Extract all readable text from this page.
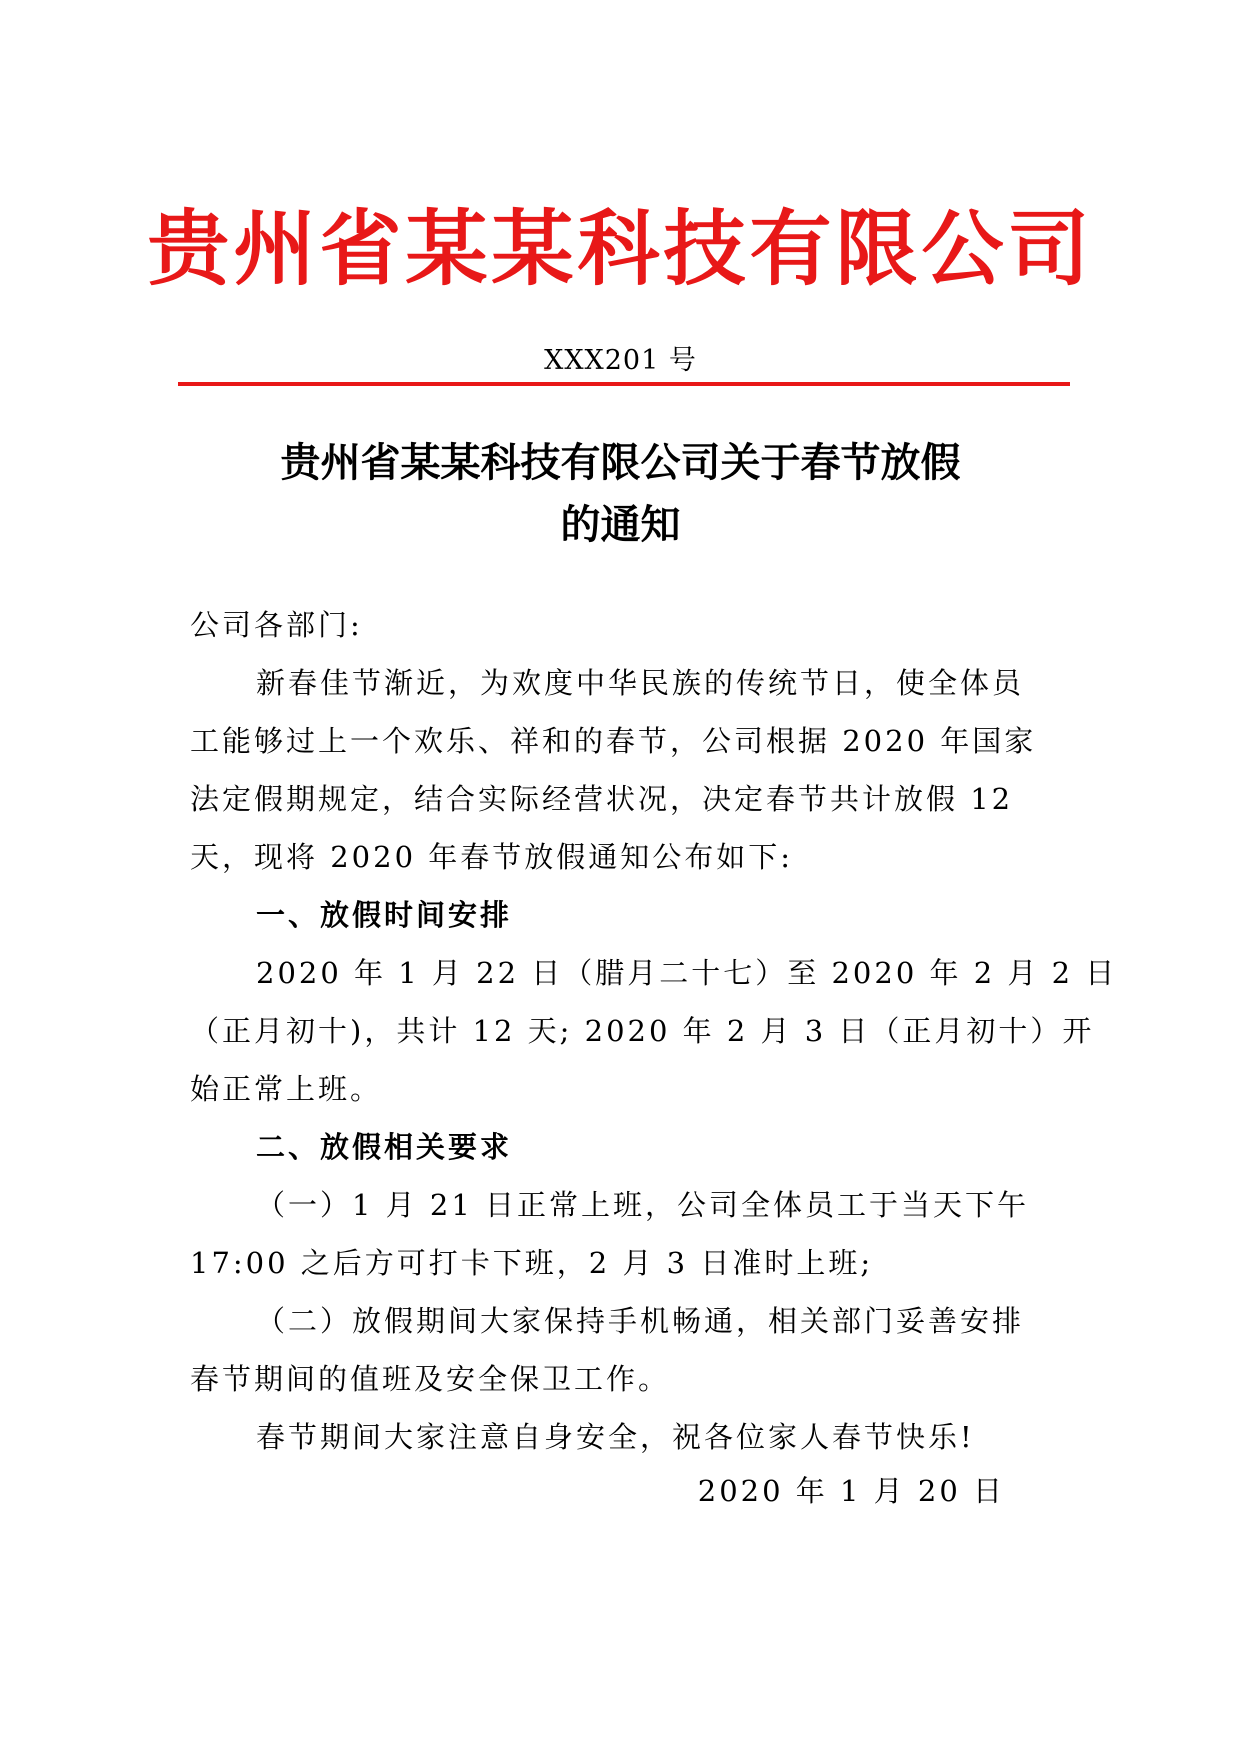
贵州省某某科技有限公司
XXX201 号
贵州省某某科技有限公司关于春节放假
的通知
公司各部门:
新春佳节渐近，为欢度中华民族的传统节日，使全体员
工能够过上一个欢乐、祥和的春节，公司根据 2020 年国家
法定假期规定，结合实际经营状况，决定春节共计放假 12
天，现将 2020 年春节放假通知公布如下:
一、放假时间安排
2020 年 1 月 22 日（腊月二十七）至 2020 年 2 月 2 日
（正月初十)，共计 12 天; 2020 年 2 月 3 日（正月初十）开
始正常上班。
二、放假相关要求
（一）1 月 21 日正常上班，公司全体员工于当天下午
17:00 之后方可打卡下班，2 月 3 日准时上班;
（二）放假期间大家保持手机畅通，相关部门妥善安排
春节期间的值班及安全保卫工作。
春节期间大家注意自身安全，祝各位家人春节快乐!
2020 年 1 月 20 日
